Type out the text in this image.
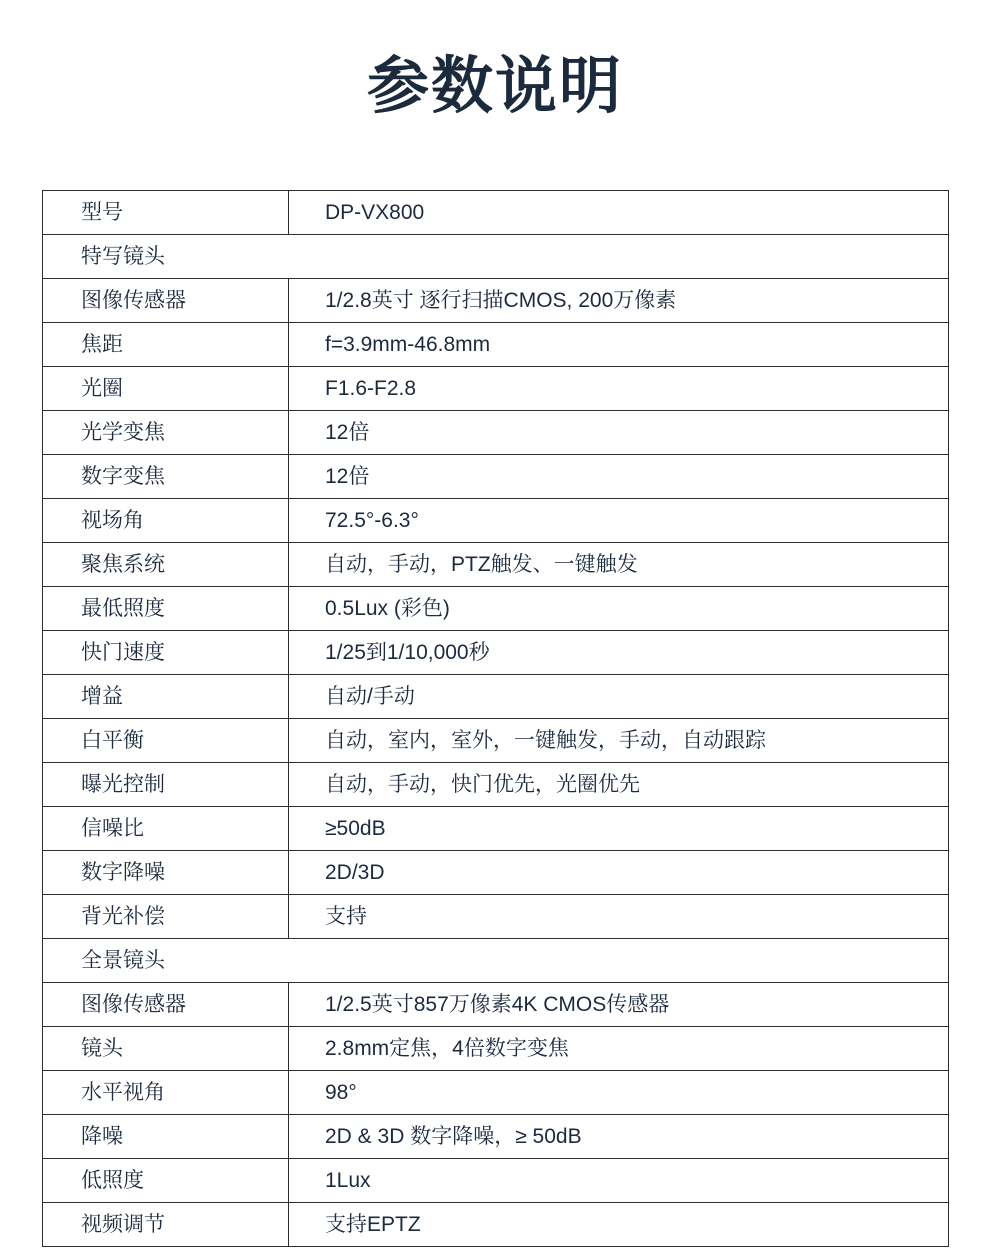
参数说明
型号	DP-VX800
特写镜头	
图像传感器	1/2.8英寸 逐行扫描CMOS, 200万像素
焦距	f=3.9mm-46.8mm
光圈	F1.6-F2.8
光学变焦	12倍
数字变焦	12倍
视场角	72.5°-6.3°
聚焦系统	自动，手动，PTZ触发、一键触发
最低照度	0.5Lux (彩色)
快门速度	1/25到1/10,000秒
增益	自动/手动
白平衡	自动，室内，室外，一键触发，手动，自动跟踪
曝光控制	自动，手动，快门优先，光圈优先
信噪比	≥50dB
数字降噪	2D/3D
背光补偿	支持
全景镜头	
图像传感器	1/2.5英寸857万像素4K CMOS传感器
镜头	2.8mm定焦，4倍数字变焦
水平视角	98°
降噪	2D & 3D 数字降噪，≥ 50dB
低照度	1Lux
视频调节	支持EPTZ
